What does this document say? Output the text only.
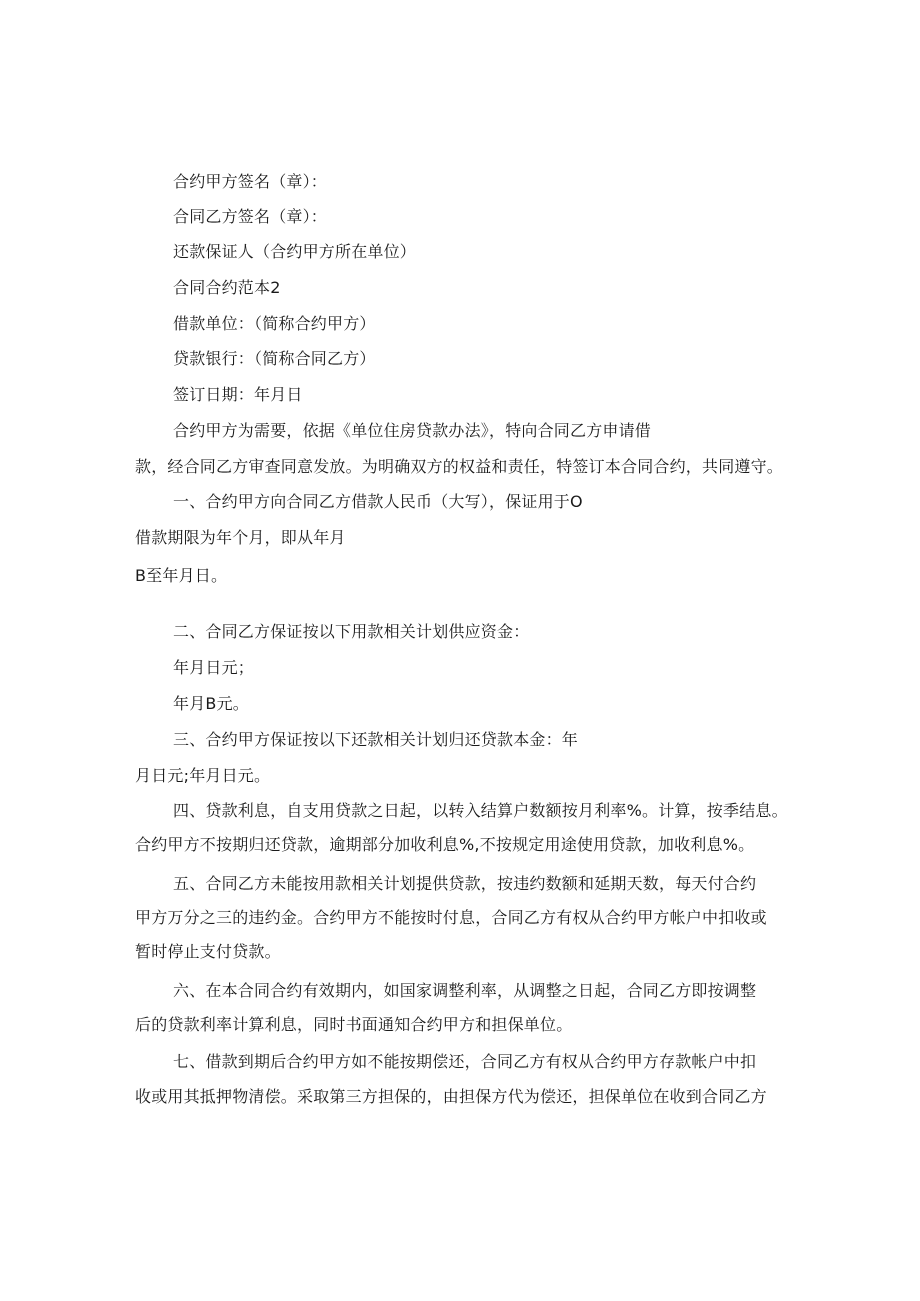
合约甲方签名（章）：
合同乙方签名（章）：
还款保证人（合约甲方所在单位）
合同合约范本2
借款单位：（简称合约甲方）
贷款银行：（简称合同乙方）
签订日期：年月日
合约甲方为需要，依据《单位住房贷款办法》，特向合同乙方申请借
款，经合同乙方审查同意发放。为明确双方的权益和责任，特签订本合同合约，共同遵守。
一、合约甲方向合同乙方借款人民币（大写），保证用于O
借款期限为年个月，即从年月
B至年月日。
二、合同乙方保证按以下用款相关计划供应资金：
年月日元；
年月B元。
三、合约甲方保证按以下还款相关计划归还贷款本金：年
月日元;年月日元。
四、贷款利息，自支用贷款之日起，以转入结算户数额按月利率%。计算，按季结息。
合约甲方不按期归还贷款，逾期部分加收利息%,不按规定用途使用贷款，加收利息%。
五、合同乙方未能按用款相关计划提供贷款，按违约数额和延期天数，每天付合约
甲方万分之三的违约金。合约甲方不能按时付息，合同乙方有权从合约甲方帐户中扣收或
暂时停止支付贷款。
六、在本合同合约有效期内，如国家调整利率，从调整之日起，合同乙方即按调整
后的贷款利率计算利息，同时书面通知合约甲方和担保单位。
七、借款到期后合约甲方如不能按期偿还，合同乙方有权从合约甲方存款帐户中扣
收或用其抵押物清偿。采取第三方担保的，由担保方代为偿还，担保单位在收到合同乙方
